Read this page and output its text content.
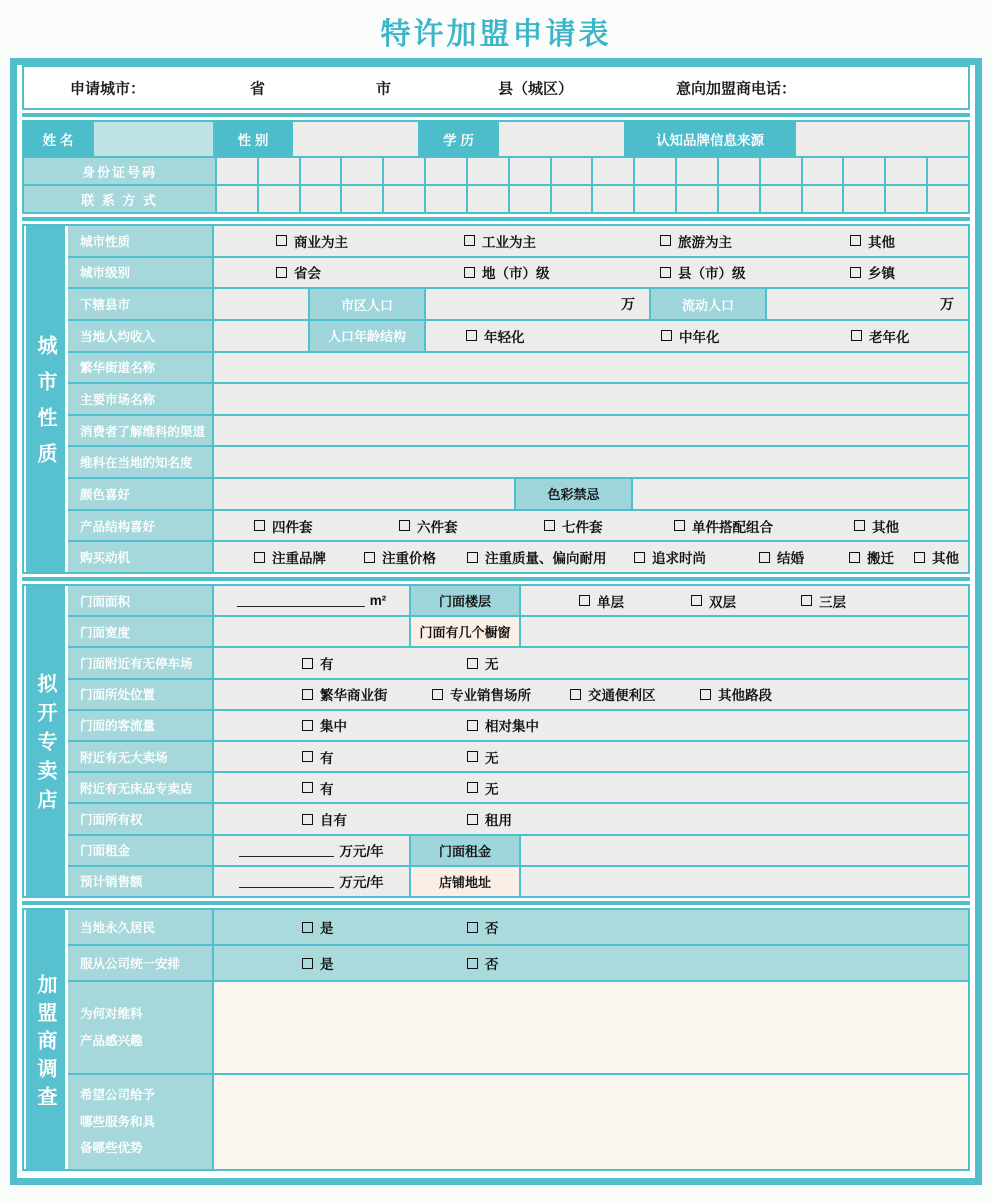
特许加盟申请表
申请城市：	省	市	县（城区）	意向加盟商电话：
姓 名	性 别	学 历	认知品牌信息来源
身份证号码
联 系 方 式
城市性质
城市性质	商业为主	工业为主	旅游为主	其他
城市级别	省会	地（市）级	县（市）级	乡镇
下辖县市	市区人口	万	流动人口	万
当地人均收入	人口年龄结构	年轻化	中年化	老年化
繁华街道名称
主要市场名称
消费者了解维科的渠道
维科在当地的知名度
颜色喜好	色彩禁忌
产品结构喜好	四件套	六件套	七件套	单件搭配组合	其他
购买动机	注重品牌	注重价格	注重质量、偏向耐用	追求时尚	结婚	搬迁	其他
拟开专卖店
门面面积	m²	门面楼层	单层	双层	三层
门面宽度	门面有几个橱窗
门面附近有无停车场	有	无
门面所处位置	繁华商业街	专业销售场所	交通便利区	其他路段
门面的客流量	集中	相对集中
附近有无大卖场	有	无
附近有无床品专卖店	有	无
门面所有权	自有	租用
门面租金	万元/年	门面租金
预计销售额	万元/年	店铺地址
加盟商调查
当地永久居民	是	否
服从公司统一安排	是	否
为何对维科
产品感兴趣
希望公司给予
哪些服务和具
备哪些优势
